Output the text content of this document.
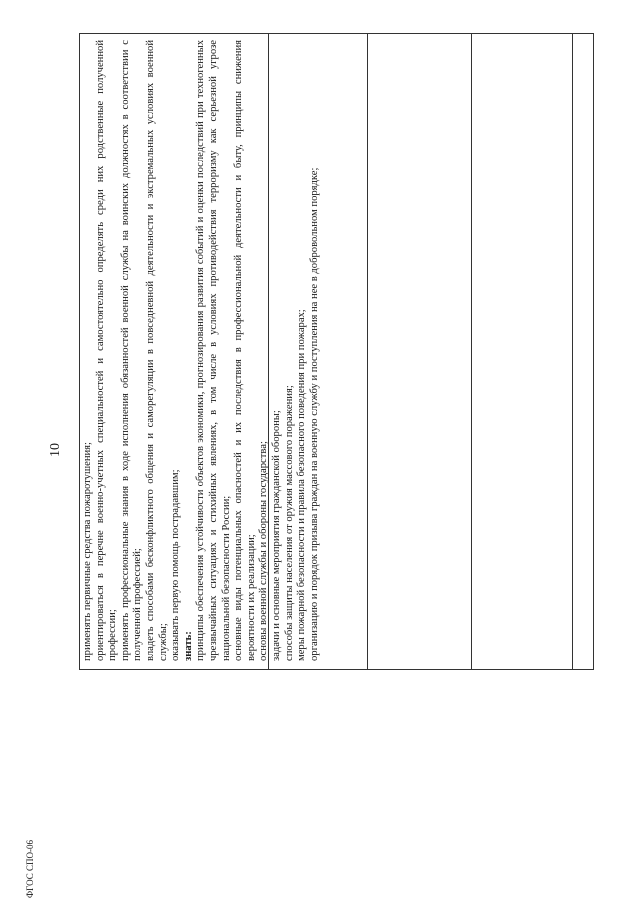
10 применять первичные средства пожаротушения; ориентироваться в перечне военно-учетных специальностей и самостоятельно определять среди них родственные полученной профессии; применять профессиональные знания в ходе исполнения обязанностей военной службы на воинских должностях в соответствии с полученной профессией; владеть способами бесконфликтного общения и саморегуляции в повседневной деятельности и экстремальных условиях военной службы; оказывать первую помощь пострадавшим; знать: принципы обеспечения устойчивости объектов экономики, прогнозирования развития событий и оценки последствий при техногенных чрезвычайных ситуациях и стихийных явлениях, в том числе в условиях противодействия терроризму как серьезной угрозе национальной безопасности России; основные виды потенциальных опасностей и их последствия в профессиональной деятельности и быту, принципы снижения вероятности их реализации; основы военной службы и обороны государства; задачи и основные мероприятия гражданской обороны; способы защиты населения от оружия массового поражения; меры пожарной безопасности и правила безопасного поведения при пожарах; организацию и порядок призыва граждан на военную службу и поступления на нее в добровольном порядке;

ФГОС СПО-06
